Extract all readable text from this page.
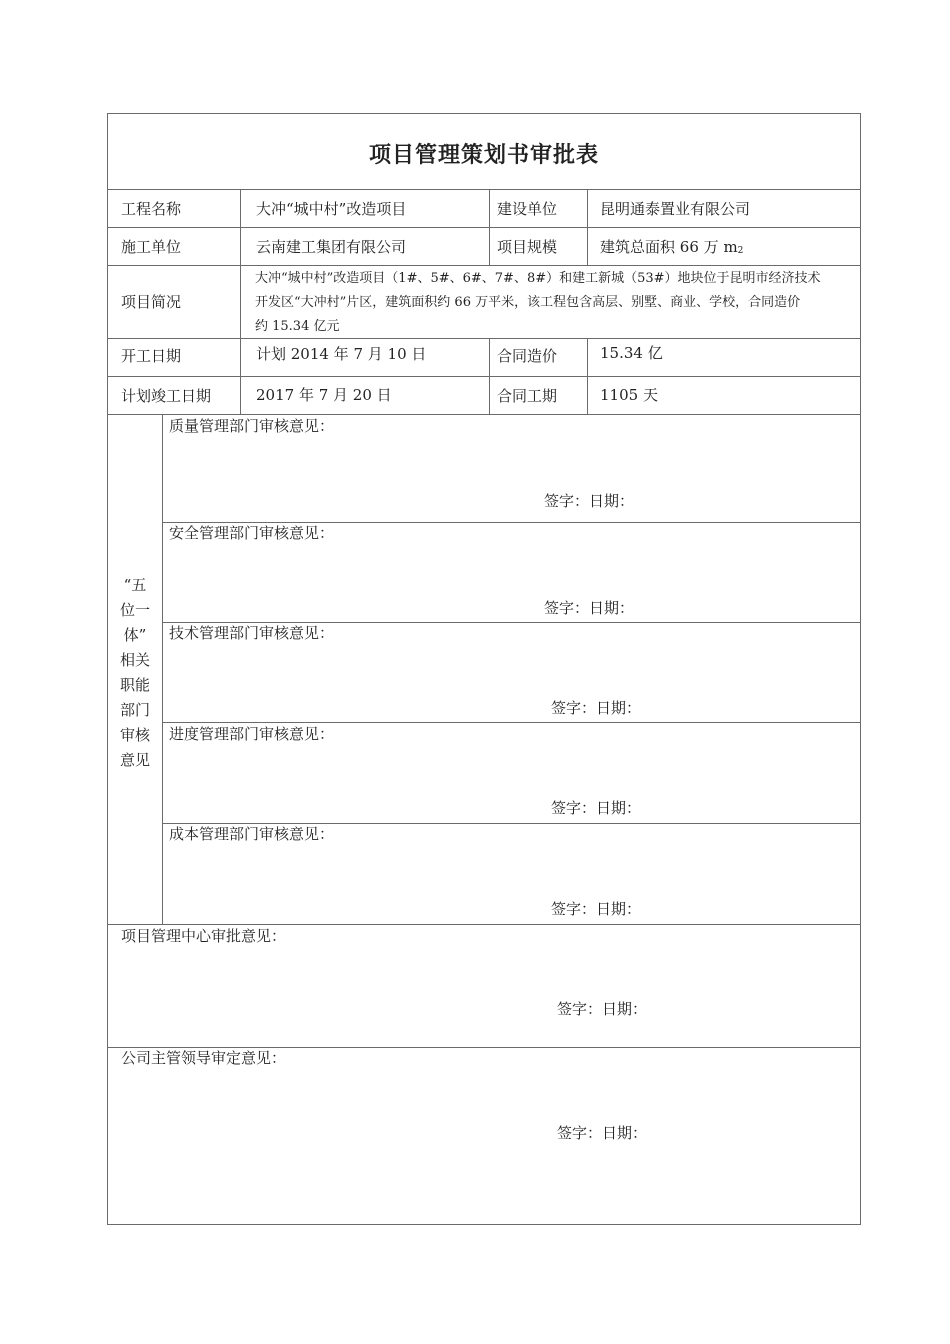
项目管理策划书审批表
工程名称	大冲“城中村”改造项目	建设单位	昆明通泰置业有限公司
施工单位	云南建工集团有限公司	项目规模	建筑总面积 66 万 $m_2$
项目简况
大冲“城中村”改造项目（1#、5#、6#、7#、8#）和建工新城（53#）地块位于昆明市经济技术
开发区“大冲村”片区，建筑面积约 66 万平米，该工程包含高层、别墅、商业、学校，合同造价
约 15.34 亿元
开工日期	计划 2014 年 7 月 10 日	合同造价	15.34 亿
计划竣工日期	2017 年 7 月 20 日	合同工期	1105 天
“五
位一
体”
相关
职能
部门
审核
意见
质量管理部门审核意见：
签字：日期：
安全管理部门审核意见：
签字：日期：
技术管理部门审核意见：
签字：日期：
进度管理部门审核意见：
签字：日期：
成本管理部门审核意见：
签字：日期：
项目管理中心审批意见：
签字：日期：
公司主管领导审定意见：
签字：日期：
